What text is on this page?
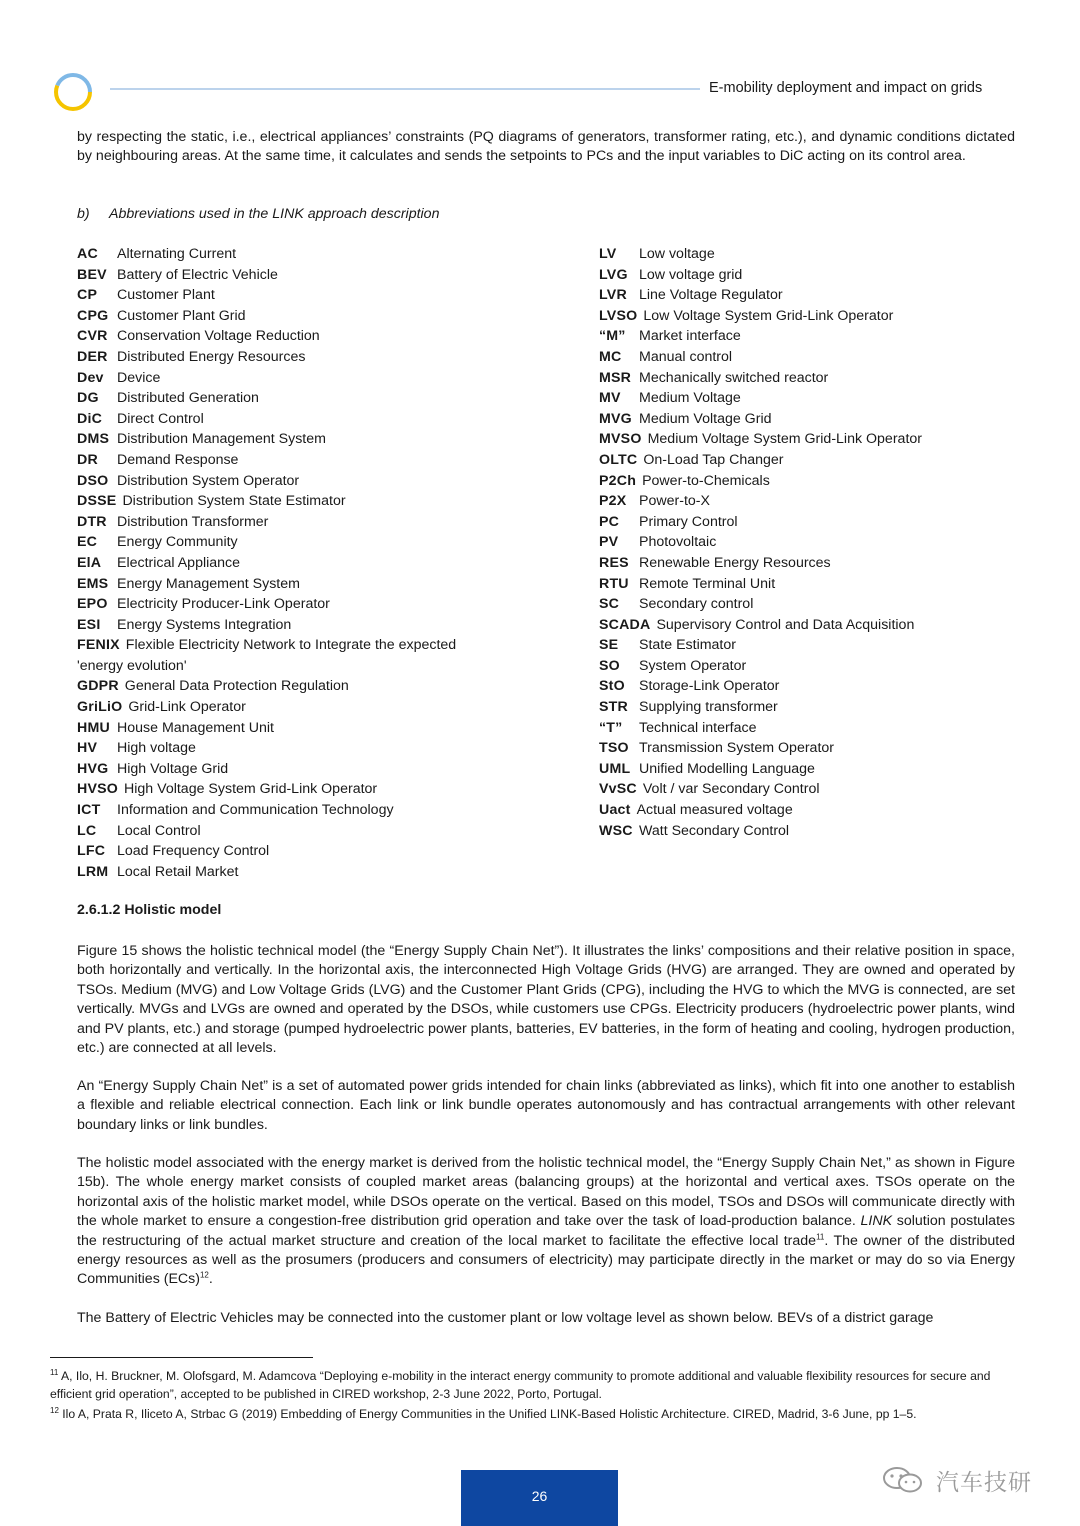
E-mobility deployment and impact on grids

by respecting the static, i.e., electrical appliances’ constraints (PQ diagrams of generators, transformer rating, etc.), and dynamic conditions dictated by neighbouring areas. At the same time, it calculates and sends the setpoints to PCs and the input variables to DiC acting on its control area.

b) Abbreviations used in the LINK approach description
AC Alternating Current
BEV Battery of Electric Vehicle
CP Customer Plant
CPG Customer Plant Grid
CVR Conservation Voltage Reduction
DER Distributed Energy Resources
Dev Device
DG Distributed Generation
DiC Direct Control
DMS Distribution Management System
DR Demand Response
DSO Distribution System Operator
DSSE Distribution System State Estimator
DTR Distribution Transformer
EC Energy Community
ElA Electrical Appliance
EMS Energy Management System
EPO Electricity Producer-Link Operator
ESI Energy Systems Integration
FENIX Flexible Electricity Network to Integrate the expected 'energy evolution'
GDPR General Data Protection Regulation
GriLiO Grid-Link Operator
HMU House Management Unit
HV High voltage
HVG High Voltage Grid
HVSO High Voltage System Grid-Link Operator
ICT Information and Communication Technology
LC Local Control
LFC Load Frequency Control
LRM Local Retail Market
LV Low voltage
LVG Low voltage grid
LVR Line Voltage Regulator
LVSO Low Voltage System Grid-Link Operator
“M” Market interface
MC Manual control
MSR Mechanically switched reactor
MV Medium Voltage
MVG Medium Voltage Grid
MVSO Medium Voltage System Grid-Link Operator
OLTC On-Load Tap Changer
P2Ch Power-to-Chemicals
P2X Power-to-X
PC Primary Control
PV Photovoltaic
RES Renewable Energy Resources
RTU Remote Terminal Unit
SC Secondary control
SCADA Supervisory Control and Data Acquisition
SE State Estimator
SO System Operator
StO Storage-Link Operator
STR Supplying transformer
“T” Technical interface
TSO Transmission System Operator
UML Unified Modelling Language
VvSC Volt / var Secondary Control
Uact Actual measured voltage
WSC Watt Secondary Control
2.6.1.2 Holistic model

Figure 15 shows the holistic technical model (the “Energy Supply Chain Net”). It illustrates the links’ compositions and their relative position in space, both horizontally and vertically. In the horizontal axis, the interconnected High Voltage Grids (HVG) are arranged. They are owned and operated by TSOs. Medium (MVG) and Low Voltage Grids (LVG) and the Customer Plant Grids (CPG), including the HVG to which the MVG is connected, are set vertically. MVGs and LVGs are owned and operated by the DSOs, while customers use CPGs. Electricity producers (hydroelectric power plants, wind and PV plants, etc.) and storage (pumped hydroelectric power plants, batteries, EV batteries, in the form of heating and cooling, hydrogen production, etc.) are connected at all levels.

An “Energy Supply Chain Net” is a set of automated power grids intended for chain links (abbreviated as links), which fit into one another to establish a flexible and reliable electrical connection. Each link or link bundle operates autonomously and has contractual arrangements with other relevant boundary links or link bundles.

The holistic model associated with the energy market is derived from the holistic technical model, the “Energy Supply Chain Net,” as shown in Figure 15b). The whole energy market consists of coupled market areas (balancing groups) at the horizontal and vertical axes. TSOs operate on the horizontal axis of the holistic market model, while DSOs operate on the vertical. Based on this model, TSOs and DSOs will communicate directly with the whole market to ensure a congestion-free distribution grid operation and take over the task of load-production balance. LINK solution postulates the restructuring of the actual market structure and creation of the local market to facilitate the effective local trade$^{11}$. The owner of the distributed energy resources as well as the prosumers (producers and consumers of electricity) may participate directly in the market or may do so via Energy Communities (ECs)$^{12}$.

The Battery of Electric Vehicles may be connected into the customer plant or low voltage level as shown below. BEVs of a district garage

$^{11}$ A, Ilo, H. Bruckner, M. Olofsgard, M. Adamcova “Deploying e-mobility in the interact energy community to promote additional and valuable flexibility resources for secure and efficient grid operation”, accepted to be published in CIRED workshop, 2-3 June 2022, Porto, Portugal.

$^{12}$ Ilo A, Prata R, Iliceto A, Strbac G (2019) Embedding of Energy Communities in the Unified LINK-Based Holistic Architecture. CIRED, Madrid, 3-6 June, pp 1–5.

汽车技研
26
